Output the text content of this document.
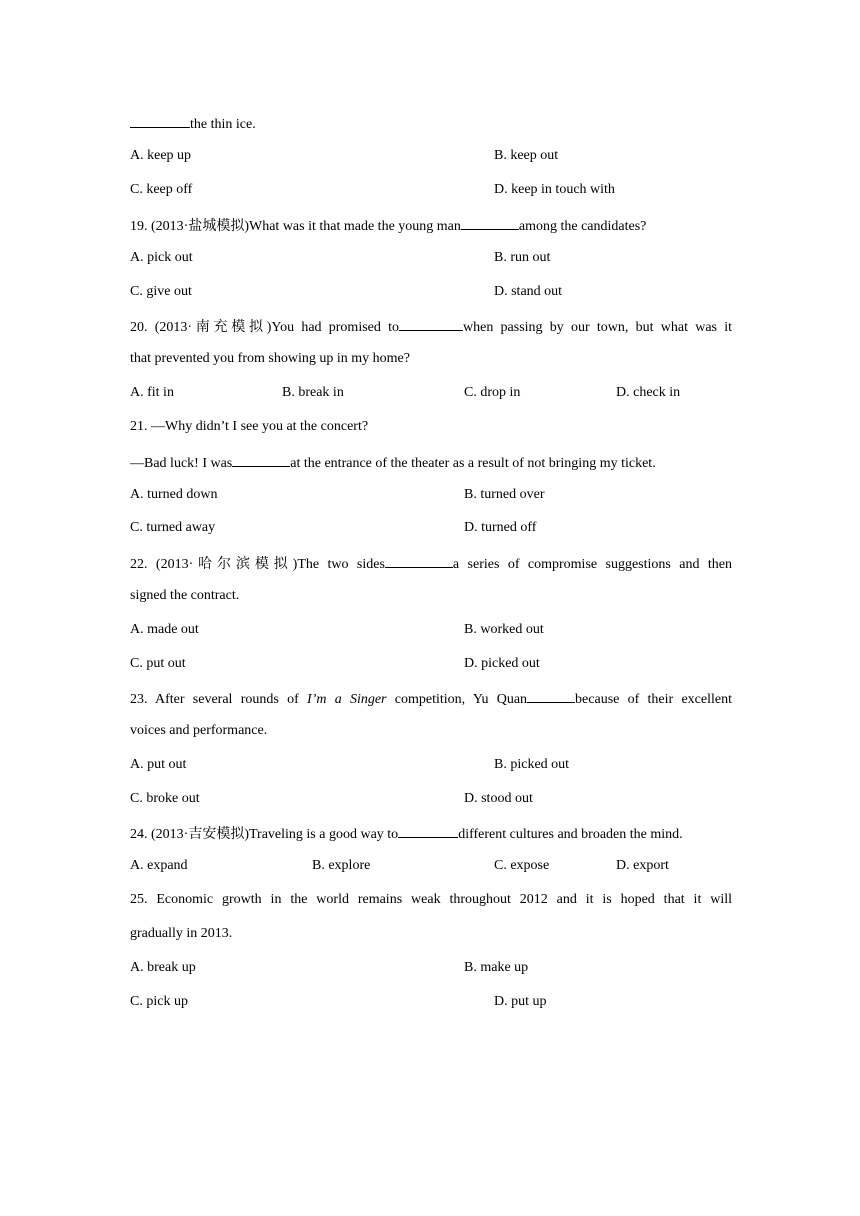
the thin ice.
A. keep up	B. keep out
C. keep off	D. keep in touch with
19. (2013·盐城模拟)What was it that made the young man	among the candidates?
A. pick out	B. run out
C. give out	D. stand out
20. (2013·南充模拟)You had promised to	when passing by our town, but what was it
that prevented you from showing up in my home?
A. fit in	B. break in	C. drop in	D. check in
21. —Why didn’t I see you at the concert?
—Bad luck! I was	at the entrance of the theater as a result of not bringing my ticket.
A. turned down	B. turned over
C. turned away	D. turned off
22. (2013·哈尔滨模拟)The two sides	a series of compromise suggestions and then
signed the contract.
A. made out	B. worked out
C. put out	D. picked out
23. After several rounds of I’m a Singer competition, Yu Quan	because of their excellent
voices and performance.
A. put out	B. picked out
C. broke out	D. stood out
24. (2013·吉安模拟)Traveling is a good way to	different cultures and broaden the mind.
A. expand	B. explore	C. expose	D. export
25. Economic growth in the world remains weak throughout 2012 and it is hoped that it will
gradually in 2013.
A. break up	B. make up
C. pick up	D. put up
